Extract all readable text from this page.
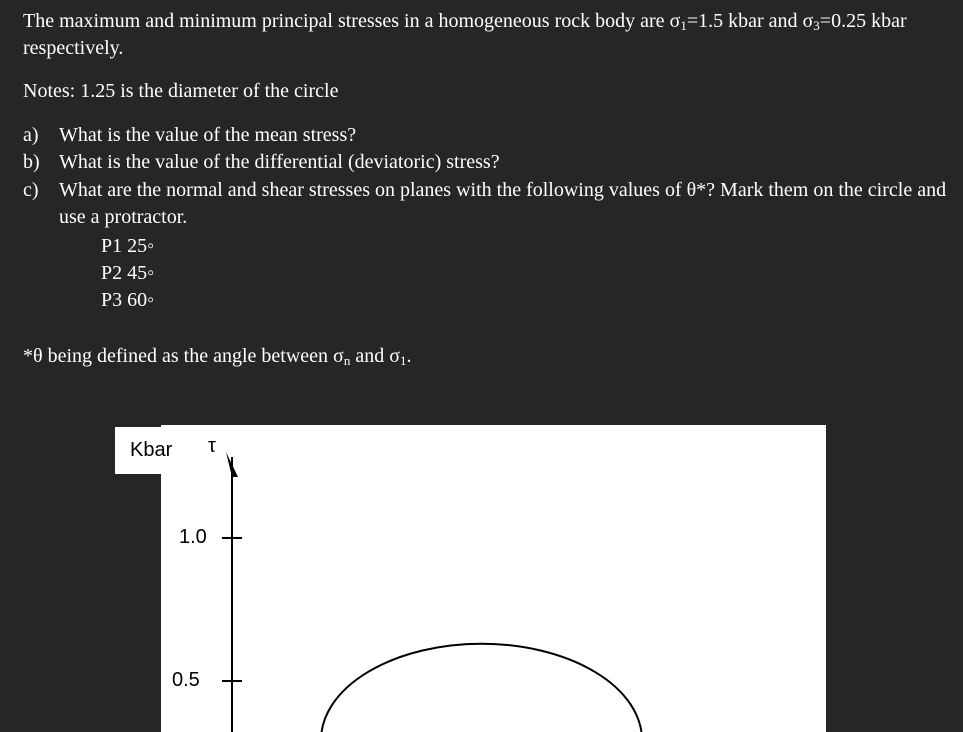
The maximum and minimum principal stresses in a homogeneous rock body are $\sigma_1=1.5$ kbar and $\sigma_3=0.25$ kbar respectively.

Notes: 1.25 is the diameter of the circle

a) What is the value of the mean stress?
b) What is the value of the differential (deviatoric) stress?
c) What are the normal and shear stresses on planes with the following values of θ*? Mark them on the circle and use a protractor.
P1 25◦
P2 45◦
P3 60◦

*θ being defined as the angle between $\sigma_n$ and $\sigma_1$.

τ
1.0
0.5
Kbar
